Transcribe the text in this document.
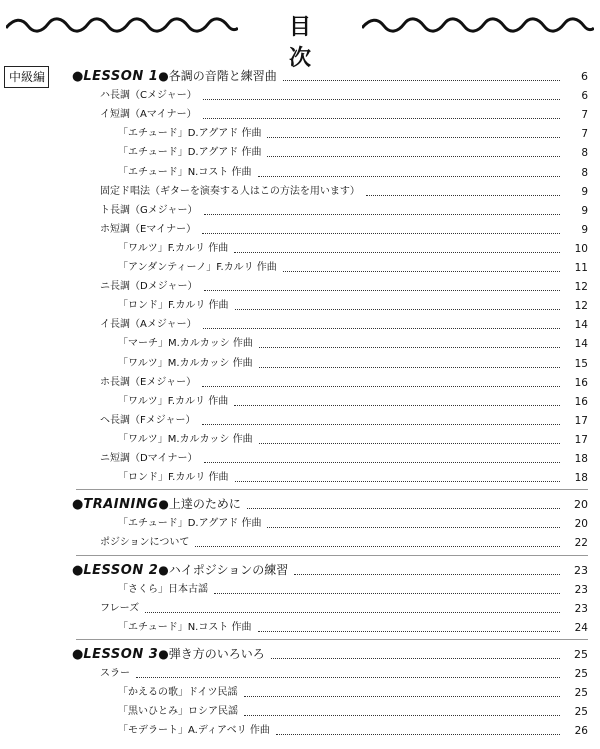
目 次
中級編	●LESSON 1●各調の音階と練習曲	6
ハ長調（Cメジャー）	6
イ短調（Aマイナー）	7
「エチュード」D.アグアド 作曲	7
「エチュード」D.アグアド 作曲	8
「エチュード」N.コスト 作曲	8
固定ド唱法（ギターを演奏する人はこの方法を用います）	9
ト長調（Gメジャー）	9
ホ短調（Eマイナー）	9
「ワルツ」F.カルリ 作曲	10
「アンダンティーノ」F.カルリ 作曲	11
ニ長調（Dメジャー）	12
「ロンド」F.カルリ 作曲	12
イ長調（Aメジャー）	14
「マーチ」M.カルカッシ 作曲	14
「ワルツ」M.カルカッシ 作曲	15
ホ長調（Eメジャー）	16
「ワルツ」F.カルリ 作曲	16
ヘ長調（Fメジャー）	17
「ワルツ」M.カルカッシ 作曲	17
ニ短調（Dマイナー）	18
「ロンド」F.カルリ 作曲	18
●TRAINING●上達のために	20
「エチュード」D.アグアド 作曲	20
ポジションについて	22
●LESSON 2●ハイポジションの練習	23
「さくら」日本古謡	23
フレーズ	23
「エチュード」N.コスト 作曲	24
●LESSON 3●弾き方のいろいろ	25
スラー	25
「かえるの歌」ドイツ民謡	25
「黒いひとみ」ロシア民謡	25
「モデラート」A.ディアベリ 作曲	26
